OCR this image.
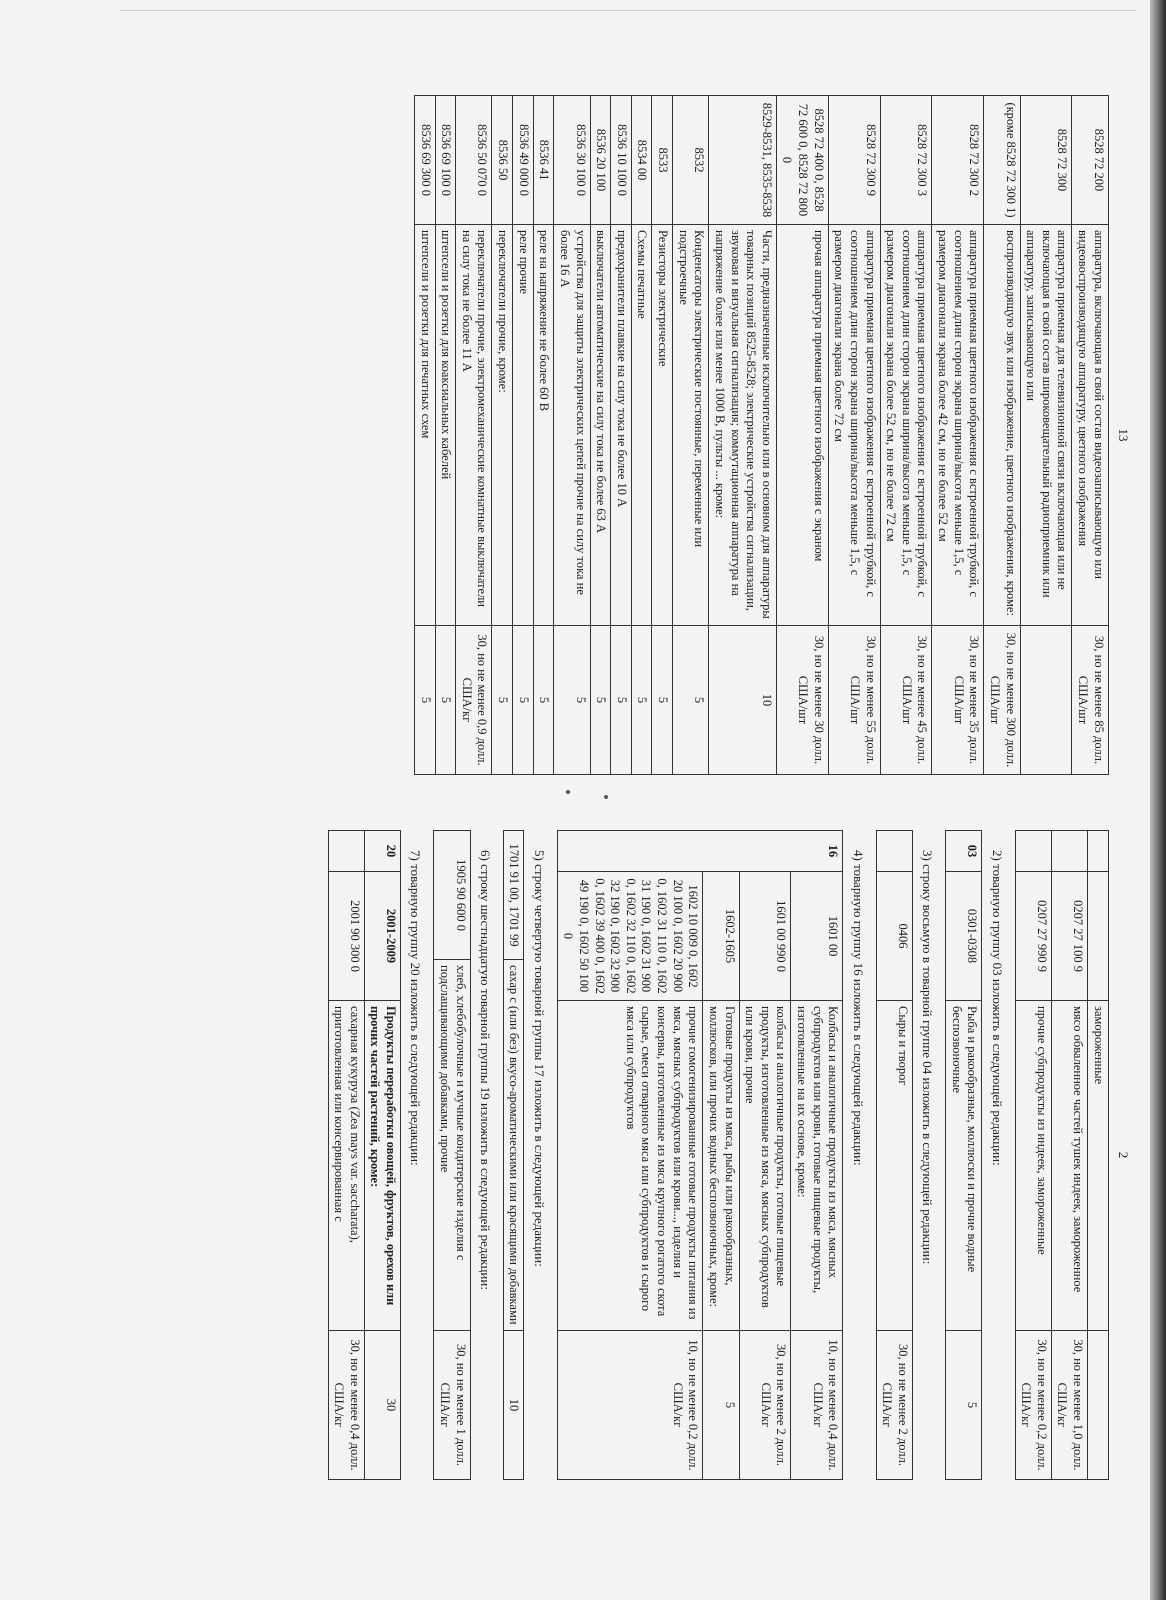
13
8528 72 200	аппаратура, включающая в свой состав видеозаписывающую или видеовоспроизводящую аппаратуру, цветного изображения	30, но не менее 85 долл. США/шт
8528 72 300	аппаратура приемная для телевизионной связи включающая или не включающая в свой состав широковещательный радиоприемник или аппаратуру, записывающую или	
(кроме 8528 72 300 1)	воспроизводящую звук или изображение, цветного изображения, кроме:	30, но не менее 300 долл. США/шт
8528 72 300 2	аппаратура приемная цветного изображения с встроенной трубкой, с соотношением длин сторон экрана ширина/высота меньше 1,5, с размером диагонали экрана более 42 см, но не более 52 см	30, но не менее 35 долл. США/шт
8528 72 300 3	аппаратура приемная цветного изображения с встроенной трубкой, с соотношением длин сторон экрана ширина/высота меньше 1,5, с размером диагонали экрана более 52 см, но не более 72 см	30, но не менее 45 долл. США/шт
8528 72 300 9	аппаратура приемная цветного изображения с встроенной трубкой, с соотношением длин сторон экрана ширина/высота меньше 1,5, с размером диагонали экрана более 72 см	30, но не менее 55 долл. США/шт
8528 72 400 0, 8528 72 600 0, 8528 72 800 0	прочая аппаратура приемная цветного изображения с экраном	30, но не менее 30 долл. США/шт
8529-8531, 8535-8538	Части, предназначенные исключительно или в основном для аппаратуры товарных позиций 8525-8528; электрические устройства сигнализации, звуковая и визуальная сигнализация; коммутационная аппаратура на напряжение более или менее 1000 В, пульты ... кроме:	10
8532	Конденсаторы электрические постоянные, переменные или подстроечные	5
8533	Резисторы электрические	5
8534 00	Схемы печатные	5
8536 10 100 0	предохранители плавкие на силу тока не более 10 А	5
8536 20 100	выключатели автоматические на силу тока не более 63 А	5
8536 30 100 0	устройства для защиты электрических цепей прочие на силу тока не более 16 А	5
8536 41	реле на напряжение не более 60 В	5
8536 49 000 0	реле прочие	5
8536 50	переключатели прочие, кроме:	5
8536 50 070 0	переключатели прочие, электромеханические комнатные выключатели на силу тока не более 11 А	30, но не менее 0,9 долл. США/кг
8536 69 100 0	штепсели и розетки для коаксиальных кабелей	5
8536 69 300 0	штепсели и розетки для печатных схем	5
2
		замороженные	
	0207 27 100 9	мясо обваленное частей тушек индеек, замороженное	30, но не менее 1,0 долл. США/кг
	0207 27 990 9	прочие субпродукты из индеек, замороженные	30, но не менее 0,2 долл. США/кг
2) товарную группу 03 изложить в следующей редакции:
03	0301-0308	Рыба и ракообразные, моллюски и прочие водные беспозвоночные	5
3) строку восьмую в товарной группе 04 изложить в следующей редакции:
	0406	Сыры и творог	30, но не менее 2 долл. США/кг
4) товарную группу 16 изложить в следующей редакции:
16	1601 00	Колбасы и аналогичные продукты из мяса, мясных субпродуктов или крови, готовые пищевые продукты, изготовленные на их основе, кроме:	10, но не менее 0,4 долл. США/кг
	1601 00 990 0	колбасы и аналогичные продукты, готовые пищевые продукты, изготовленные из мяса, мясных субпродуктов или крови, прочие	30, но не менее 2 долл. США/кг
	1602-1605	Готовые продукты из мяса, рыбы или ракообразных, моллюсков, или прочих водных беспозвоночных, кроме:	5
	1602 10 009 0, 1602 20 100 0, 1602 20 900 0, 1602 31 110 0, 1602 31 190 0, 1602 31 900 0, 1602 32 110 0, 1602 32 190 0, 1602 32 900 0, 1602 39 400 0, 1602 49 190 0, 1602 50 100 0	прочие гомогенизированные готовые продукты питания из мяса, мясных субпродуктов или крови..., изделия и консервы, изготовленные из мяса крупного рогатого скота сырые, смеси отварного мяса или субпродуктов и сырого мяса или субпродуктов	10, но не менее 0,2 долл. США/кг
5) строку четвертую товарной группы 17 изложить в следующей редакции:
1701 91 00, 1701 99	сахар с (или без) вкусо-ароматическими или красящими добавками	10
6) строку шестнадцатую товарной группы 19 изложить в следующей редакции:
1905 90 600 0	хлеб, хлебобулочные и мучные кондитерские изделия с подслащивающими добавками, прочие	30, но не менее 1 долл. США/кг
7) товарную группу 20 изложить в следующей редакции:
20	2001-2009	Продукты переработки овощей, фруктов, орехов или прочих частей растений, кроме:	30
	2001 90 300 0	сахарная кукуруза (Zea mays var. saccharata), приготовленная или консервированная с	30, но не менее 0,4 долл. США/кг
